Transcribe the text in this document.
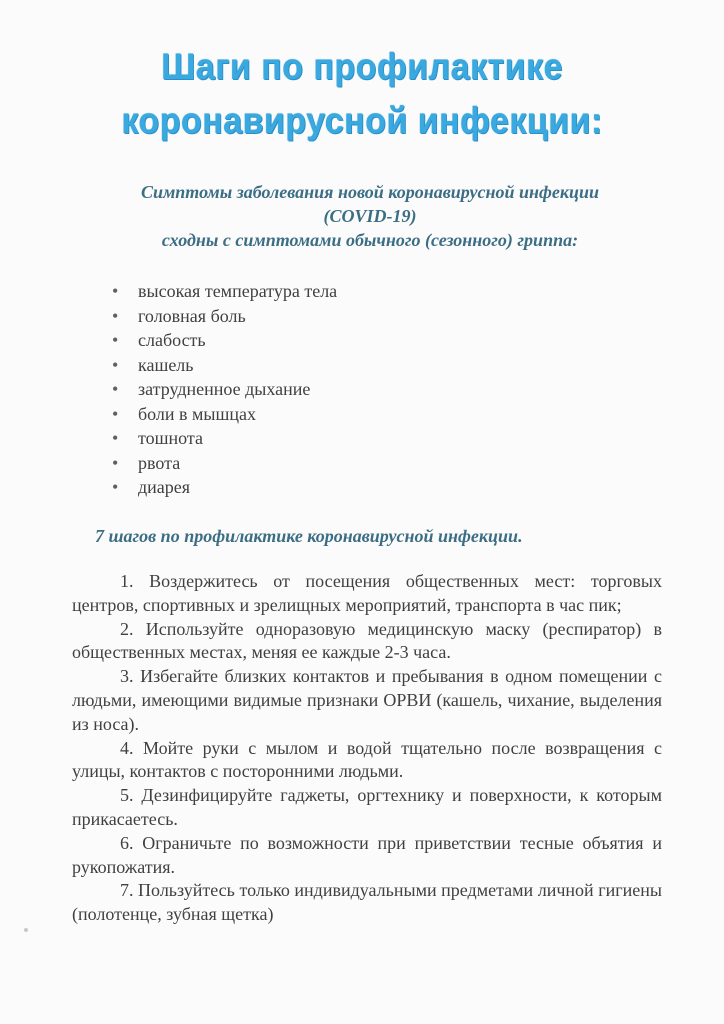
Шаги по профилактике
коронавирусной инфекции:
Симптомы заболевания новой коронавирусной инфекции
(COVID-19)
сходны с симптомами обычного (сезонного) гриппа:
• высокая температура тела
• головная боль
• слабость
• кашель
• затрудненное дыхание
• боли в мышцах
• тошнота
• рвота
• диарея
7 шагов по профилактике коронавирусной инфекции.

1. Воздержитесь от посещения общественных мест: торговых центров, спортивных и зрелищных мероприятий, транспорта в час пик;

2. Используйте одноразовую медицинскую маску (респиратор) в общественных местах, меняя ее каждые 2-3 часа.

3. Избегайте близких контактов и пребывания в одном помещении с людьми, имеющими видимые признаки ОРВИ (кашель, чихание, выделения из носа).

4. Мойте руки с мылом и водой тщательно после возвращения с улицы, контактов с посторонними людьми.

5. Дезинфицируйте гаджеты, оргтехнику и поверхности, к которым прикасаетесь.

6. Ограничьте по возможности при приветствии тесные объятия и рукопожатия.

7. Пользуйтесь только индивидуальными предметами личной гигиены (полотенце, зубная щетка)
